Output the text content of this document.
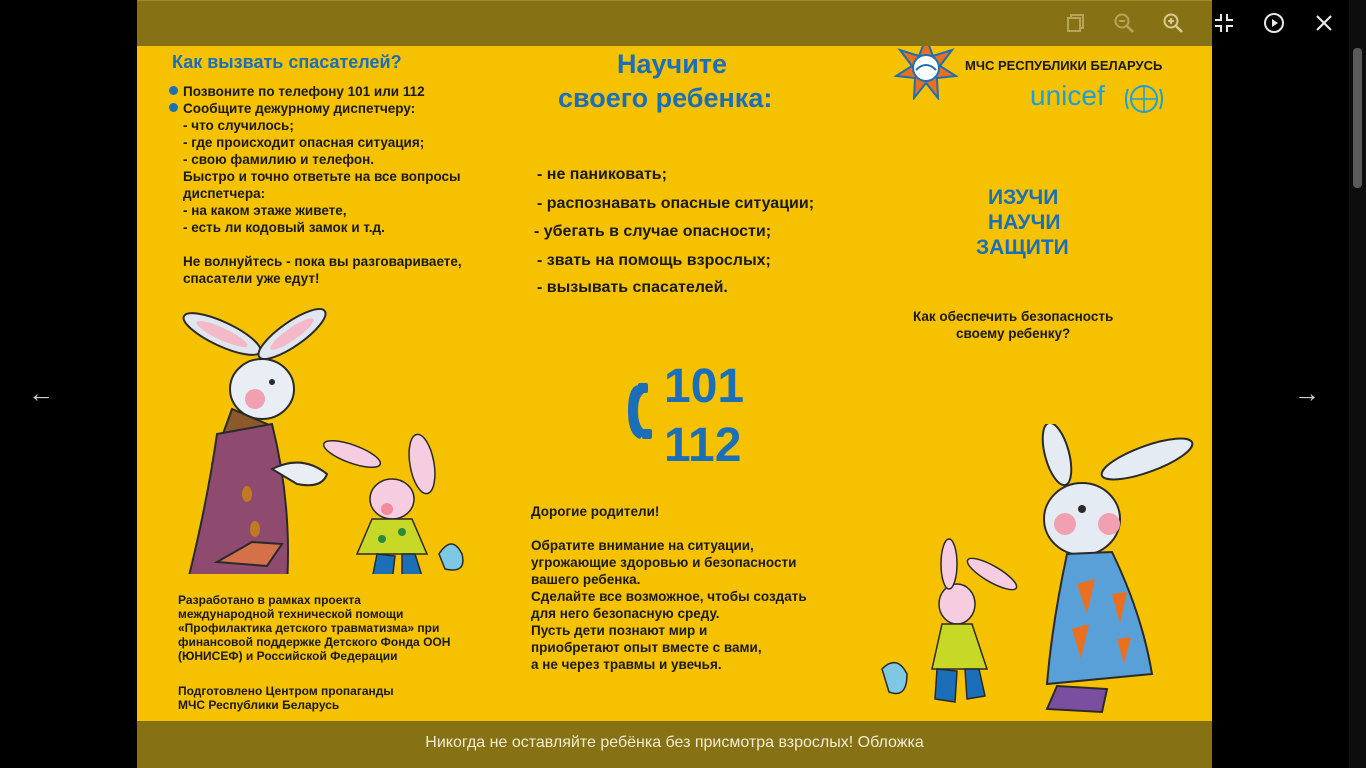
←	→
Как вызвать спасателей?
Позвоните по телефону 101 или 112
Сообщите дежурному диспетчеру:
- что случилось;
- где происходит опасная ситуация;
- свою фамилию и телефон.
Быстро и точно ответьте на все вопросы
диспетчера:
- на каком этаже живете,
- есть ли кодовый замок и т.д.

Не волнуйтесь - пока вы разговариваете,
спасатели уже едут!
Разработано в рамках проекта
международной технической помощи
«Профилактика детского травматизма» при
финансовой поддержке Детского Фонда ООН
(ЮНИСЕФ) и Российской Федерации
Подготовлено Центром пропаганды
МЧС Республики Беларусь
Научите
своего ребенка:
- не паниковать;
- распознавать опасные ситуации;
- убегать в случае опасности;
- звать на помощь взрослых;
- вызывать спасателей.
101
112
Дорогие родители!

Обратите внимание на ситуации,
угрожающие здоровью и безопасности
вашего ребенка.
Сделайте все возможное, чтобы создать
для него безопасную среду.
Пусть дети познают мир и
приобретают опыт вместе с вами,
а не через травмы и увечья.
МЧС РЕСПУБЛИКИ БЕЛАРУСЬ
unicef
ИЗУЧИ
НАУЧИ
ЗАЩИТИ
Как обеспечить безопасность
своему ребенку?
Никогда не оставляйте ребёнка без присмотра взрослых! Обложка
